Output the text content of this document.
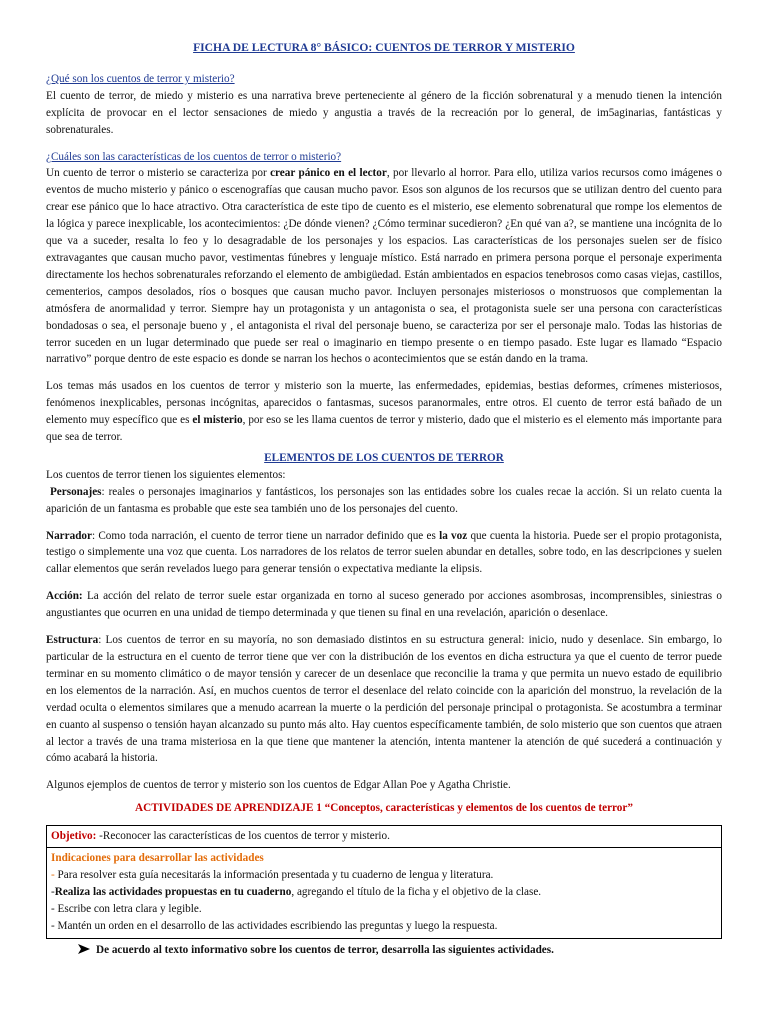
FICHA DE LECTURA 8° BÁSICO: CUENTOS DE TERROR Y MISTERIO
¿Qué son los cuentos de terror y misterio?

El cuento de terror, de miedo y misterio es una narrativa breve perteneciente al género de la ficción sobrenatural y a menudo tienen la intención explícita de provocar en el lector sensaciones de miedo y angustia a través de la recreación por lo general, de im5aginarias, fantásticas y sobrenaturales.

¿Cuáles son las características de los cuentos de terror o misterio?

Un cuento de terror o misterio se caracteriza por crear pánico en el lector, por llevarlo al horror. Para ello, utiliza varios recursos como imágenes o eventos de mucho misterio y pánico o escenografías que causan mucho pavor. Esos son algunos de los recursos que se utilizan dentro del cuento para crear ese pánico que lo hace atractivo. Otra característica de este tipo de cuento es el misterio, ese elemento sobrenatural que rompe los elementos de la lógica y parece inexplicable, los acontecimientos: ¿De dónde vienen? ¿Cómo terminar sucedieron? ¿En qué van a?, se mantiene una incógnita de lo que va a suceder, resalta lo feo y lo desagradable de los personajes y los espacios. Las características de los personajes suelen ser de físico extravagantes que causan mucho pavor, vestimentas fúnebres y lenguaje místico. Está narrado en primera persona porque el personaje experimenta directamente los hechos sobrenaturales reforzando el elemento de ambigüedad. Están ambientados en espacios tenebrosos como casas viejas, castillos, cementerios, campos desolados, ríos o bosques que causan mucho pavor. Incluyen personajes misteriosos o monstruosos que complementan la atmósfera de anormalidad y terror. Siempre hay un protagonista y un antagonista o sea, el protagonista suele ser una persona con características bondadosas o sea, el personaje bueno y , el antagonista el rival del personaje bueno, se caracteriza por ser el personaje malo. Todas las historias de terror suceden en un lugar determinado que puede ser real o imaginario en tiempo presente o en tiempo pasado. Este lugar es llamado “Espacio narrativo” porque dentro de este espacio es donde se narran los hechos o acontecimientos que se están dando en la trama.

Los temas más usados en los cuentos de terror y misterio son la muerte, las enfermedades, epidemias, bestias deformes, crímenes misteriosos, fenómenos inexplicables, personas incógnitas, aparecidos o fantasmas, sucesos paranormales, entre otros. El cuento de terror está bañado de un elemento muy específico que es el misterio, por eso se les llama cuentos de terror y misterio, dado que el misterio es el elemento más importante para que sea de terror.

ELEMENTOS DE LOS CUENTOS DE TERROR

Los cuentos de terror tienen los siguientes elementos:

Personajes: reales o personajes imaginarios y fantásticos, los personajes son las entidades sobre los cuales recae la acción. Si un relato cuenta la aparición de un fantasma es probable que este sea también uno de los personajes del cuento.

Narrador: Como toda narración, el cuento de terror tiene un narrador definido que es la voz que cuenta la historia. Puede ser el propio protagonista, testigo o simplemente una voz que cuenta. Los narradores de los relatos de terror suelen abundar en detalles, sobre todo, en las descripciones y suelen callar elementos que serán revelados luego para generar tensión o expectativa mediante la elipsis.

Acción: La acción del relato de terror suele estar organizada en torno al suceso generado por acciones asombrosas, incomprensibles, siniestras o angustiantes que ocurren en una unidad de tiempo determinada y que tienen su final en una revelación, aparición o desenlace.

Estructura: Los cuentos de terror en su mayoría, no son demasiado distintos en su estructura general: inicio, nudo y desenlace. Sin embargo, lo particular de la estructura en el cuento de terror tiene que ver con la distribución de los eventos en dicha estructura ya que el cuento de terror puede terminar en su momento climático o de mayor tensión y carecer de un desenlace que reconcilie la trama y que permita un nuevo estado de equilibrio en los elementos de la narración. Así, en muchos cuentos de terror el desenlace del relato coincide con la aparición del monstruo, la revelación de la verdad oculta o elementos similares que a menudo acarrean la muerte o la perdición del personaje principal o protagonista. Se acostumbra a terminar en cuanto al suspenso o tensión hayan alcanzado su punto más alto. Hay cuentos específicamente también, de solo misterio que son cuentos que atraen al lector a través de una trama misteriosa en la que tiene que mantener la atención, intenta mantener la atención de qué sucederá a continuación y cómo acabará la historia.

Algunos ejemplos de cuentos de terror y misterio son los cuentos de Edgar Allan Poe y Agatha Christie.

ACTIVIDADES DE APRENDIZAJE 1 “Conceptos, características y elementos de los cuentos de terror”
Objetivo: -Reconocer las características de los cuentos de terror y misterio.
Indicaciones para desarrollar las actividades
- Para resolver esta guía necesitarás la información presentada y tu cuaderno de lengua y literatura.
-Realiza las actividades propuestas en tu cuaderno, agregando el título de la ficha y el objetivo de la clase.
- Escribe con letra clara y legible.
- Mantén un orden en el desarrollo de las actividades escribiendo las preguntas y luego la respuesta.
De acuerdo al texto informativo sobre los cuentos de terror, desarrolla las siguientes actividades.
